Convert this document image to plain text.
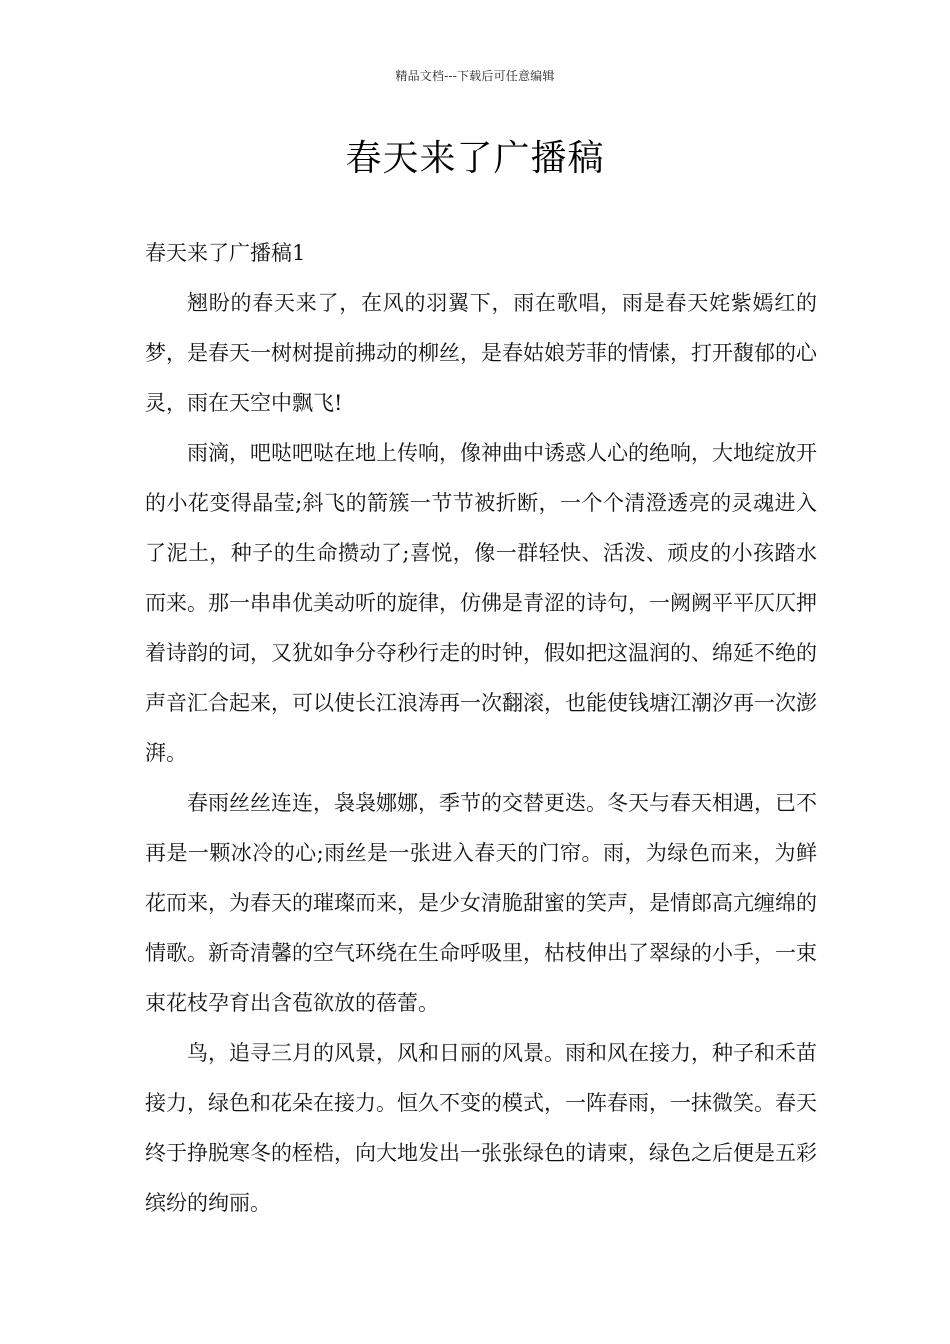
精品文档---下载后可任意编辑
春天来了广播稿

春天来了广播稿1

翘盼的春天来了，在风的羽翼下，雨在歌唱，雨是春天姹紫嫣红的梦，是春天一树树提前拂动的柳丝，是春姑娘芳菲的情愫，打开馥郁的心灵，雨在天空中飘飞!

雨滴，吧哒吧哒在地上传响，像神曲中诱惑人心的绝响，大地绽放开的小花变得晶莹;斜飞的箭簇一节节被折断，一个个清澄透亮的灵魂进入了泥土，种子的生命攒动了;喜悦，像一群轻快、活泼、顽皮的小孩踏水而来。那一串串优美动听的旋律，仿佛是青涩的诗句，一阙阙平平仄仄押着诗韵的词，又犹如争分夺秒行走的时钟，假如把这温润的、绵延不绝的声音汇合起来，可以使长江浪涛再一次翻滚，也能使钱塘江潮汐再一次澎湃。

春雨丝丝连连，袅袅娜娜，季节的交替更迭。冬天与春天相遇，已不再是一颗冰冷的心;雨丝是一张进入春天的门帘。雨，为绿色而来，为鲜花而来，为春天的璀璨而来，是少女清脆甜蜜的笑声，是情郎高亢缠绵的情歌。新奇清馨的空气环绕在生命呼吸里，枯枝伸出了翠绿的小手，一束束花枝孕育出含苞欲放的蓓蕾。

鸟，追寻三月的风景，风和日丽的风景。雨和风在接力，种子和禾苗接力，绿色和花朵在接力。恒久不变的模式，一阵春雨，一抹微笑。春天终于挣脱寒冬的桎梏，向大地发出一张张绿色的请柬，绿色之后便是五彩缤纷的绚丽。
